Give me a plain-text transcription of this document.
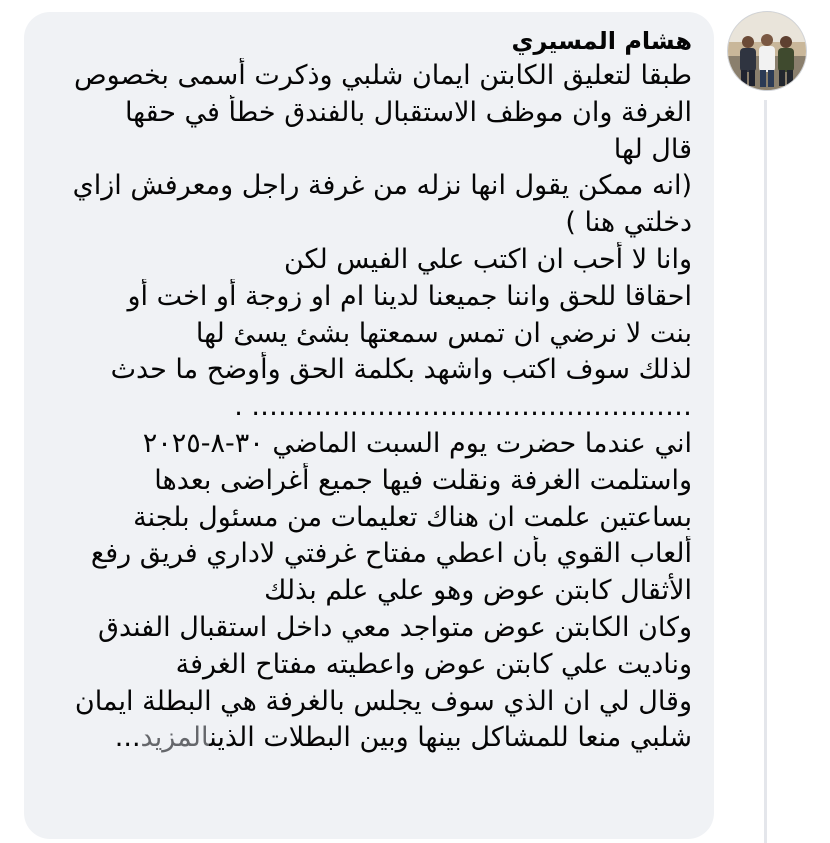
هشام المسيري
طبقا لتعليق الكابتن ايمان شلبي وذكرت أسمى بخصوص
الغرفة وان موظف الاستقبال بالفندق خطأ في حقها
قال لها
(انه ممكن يقول انها نزله من غرفة راجل ومعرفش ازاي
دخلتي هنا )
وانا لا أحب ان اكتب علي الفيس لكن
احقاقا للحق واننا جميعنا لدينا ام او زوجة أو اخت أو
بنت لا نرضي ان تمس سمعتها بشئ يسئ لها
لذلك سوف اكتب واشهد بكلمة الحق وأوضح ما حدث
…………………………………………. .
اني عندما حضرت يوم السبت الماضي ٣٠-٨-٢٠٢٥
واستلمت الغرفة ونقلت فيها جميع أغراضى بعدها
بساعتين علمت ان هناك تعليمات من مسئول بلجنة
ألعاب القوي بأن اعطي مفتاح غرفتي لاداري فريق رفع
الأثقال كابتن عوض وهو علي علم بذلك
وكان الكابتن عوض متواجد معي داخل استقبال الفندق
وناديت علي كابتن عوض واعطيته مفتاح الغرفة
وقال لي ان الذي سوف يجلس بالغرفة هي البطلة ايمان
شلبي منعا للمشاكل بينها وبين البطلات الذينالمزيد...
